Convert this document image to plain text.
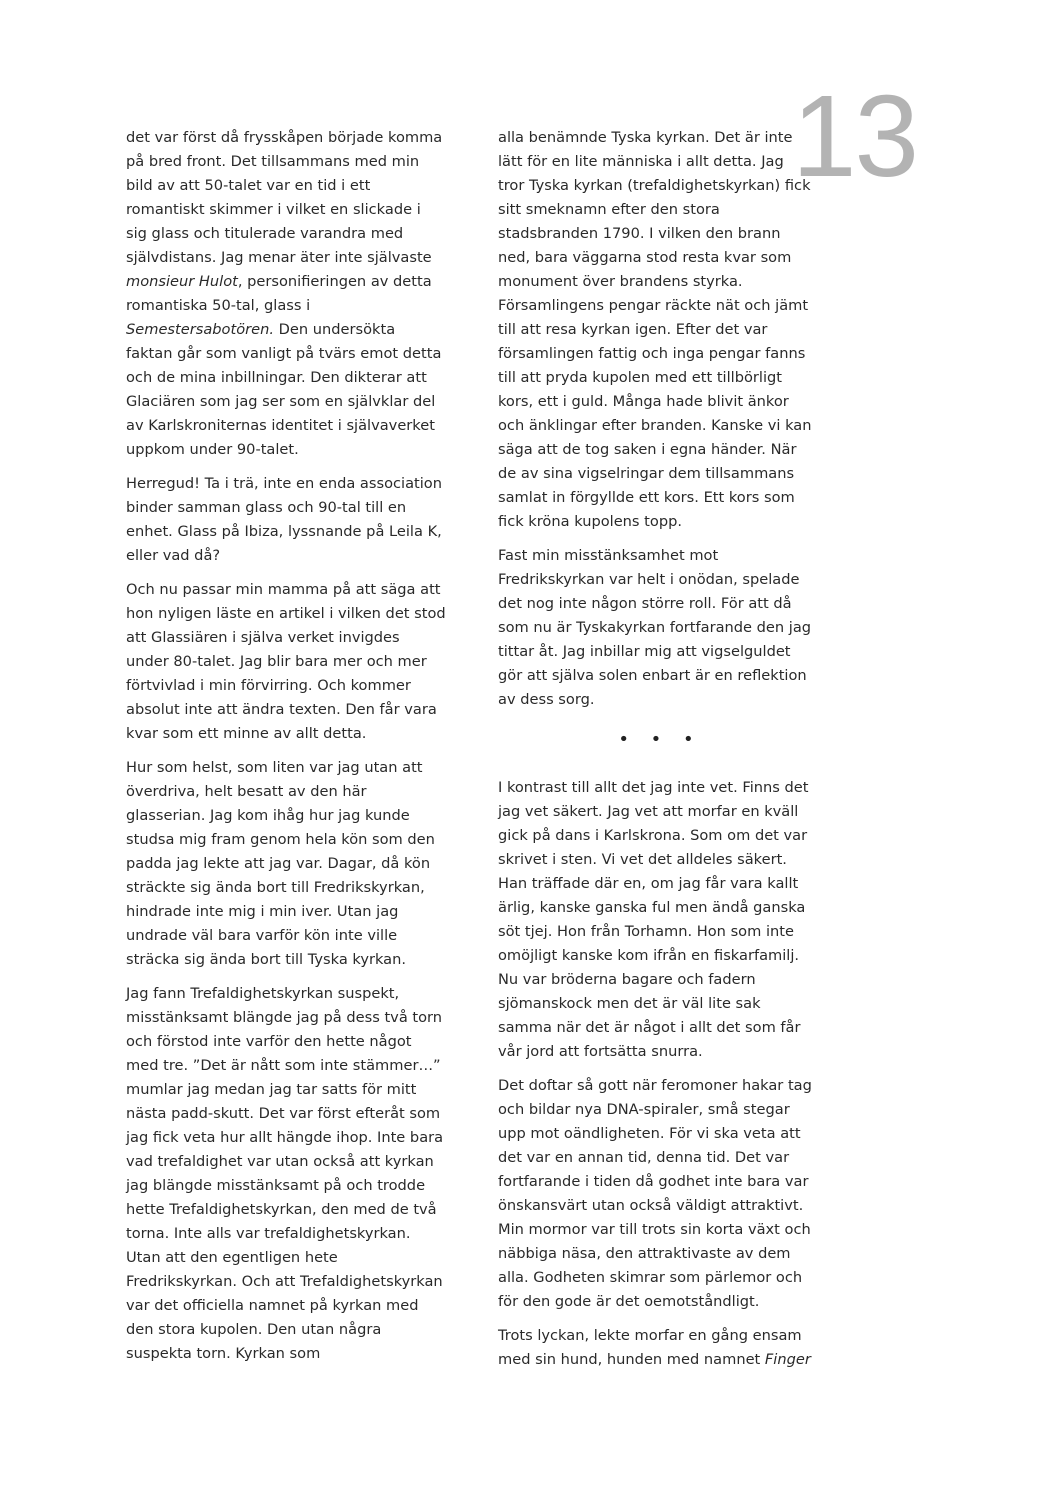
13

det var först då frysskåpen började komma på bred front. Det tillsammans med min bild av att 50-talet var en tid i ett romantiskt skimmer i vilket en slickade i sig glass och titulerade varandra med självdistans. Jag menar äter inte självaste monsieur Hulot, personifieringen av detta romantiska 50-tal, glass i Semestersabotören. Den undersökta faktan går som vanligt på tvärs emot detta och de mina inbillningar. Den dikterar att Glaciären som jag ser som en självklar del av Karlskroniternas identitet i självaverket uppkom under 90-talet.

Herregud! Ta i trä, inte en enda association binder samman glass och 90-tal till en enhet. Glass på Ibiza, lyssnande på Leila K, eller vad då?

Och nu passar min mamma på att säga att hon nyligen läste en artikel i vilken det stod att Glassiären i själva verket invigdes under 80-talet. Jag blir bara mer och mer förtvivlad i min förvirring. Och kommer absolut inte att ändra texten. Den får vara kvar som ett minne av allt detta.

Hur som helst, som liten var jag utan att överdriva, helt besatt av den här glasserian. Jag kom ihåg hur jag kunde studsa mig fram genom hela kön som den padda jag lekte att jag var. Dagar, då kön sträckte sig ända bort till Fredrikskyrkan, hindrade inte mig i min iver. Utan jag undrade väl bara varför kön inte ville sträcka sig ända bort till Tyska kyrkan.

Jag fann Trefaldighetskyrkan suspekt, misstänksamt blängde jag på dess två torn och förstod inte varför den hette något med tre. ”Det är nått som inte stämmer…” mumlar jag medan jag tar satts för mitt nästa padd-skutt. Det var först efteråt som jag fick veta hur allt hängde ihop. Inte bara vad trefaldighet var utan också att kyrkan jag blängde misstänksamt på och trodde hette Trefaldighetskyrkan, den med de två torna. Inte alls var trefaldighetskyrkan. Utan att den egentligen hete Fredrikskyrkan. Och att Trefaldighetskyrkan var det officiella namnet på kyrkan med den stora kupolen. Den utan några suspekta torn. Kyrkan som

alla benämnde Tyska kyrkan. Det är inte lätt för en lite människa i allt detta. Jag tror Tyska kyrkan (trefaldighetskyrkan) fick sitt smeknamn efter den stora stadsbranden 1790. I vilken den brann ned, bara väggarna stod resta kvar som monument över brandens styrka. Församlingens pengar räckte nät och jämt till att resa kyrkan igen. Efter det var församlingen fattig och inga pengar fanns till att pryda kupolen med ett tillbörligt kors, ett i guld. Många hade blivit änkor och änklingar efter branden. Kanske vi kan säga att de tog saken i egna händer. När de av sina vigselringar dem tillsammans samlat in förgyllde ett kors. Ett kors som fick kröna kupolens topp.

Fast min misstänksamhet mot Fredrikskyrkan var helt i onödan, spelade det nog inte någon större roll. För att då som nu är Tyskakyrkan fortfarande den jag tittar åt. Jag inbillar mig att vigselguldet gör att själva solen enbart är en reflektion av dess sorg.

• • •

I kontrast till allt det jag inte vet. Finns det jag vet säkert. Jag vet att morfar en kväll gick på dans i Karlskrona. Som om det var skrivet i sten. Vi vet det alldeles säkert. Han träffade där en, om jag får vara kallt ärlig, kanske ganska ful men ändå ganska söt tjej. Hon från Torhamn. Hon som inte omöjligt kanske kom ifrån en fiskarfamilj. Nu var bröderna bagare och fadern sjömanskock men det är väl lite sak samma när det är något i allt det som får vår jord att fortsätta snurra.

Det doftar så gott när feromoner hakar tag och bildar nya DNA-spiraler, små stegar upp mot oändligheten. För vi ska veta att det var en annan tid, denna tid. Det var fortfarande i tiden då godhet inte bara var önskansvärt utan också väldigt attraktivt. Min mormor var till trots sin korta växt och näbbiga näsa, den attraktivaste av dem alla. Godheten skimrar som pärlemor och för den gode är det oemotståndligt.

Trots lyckan, lekte morfar en gång ensam med sin hund, hunden med namnet Finger
